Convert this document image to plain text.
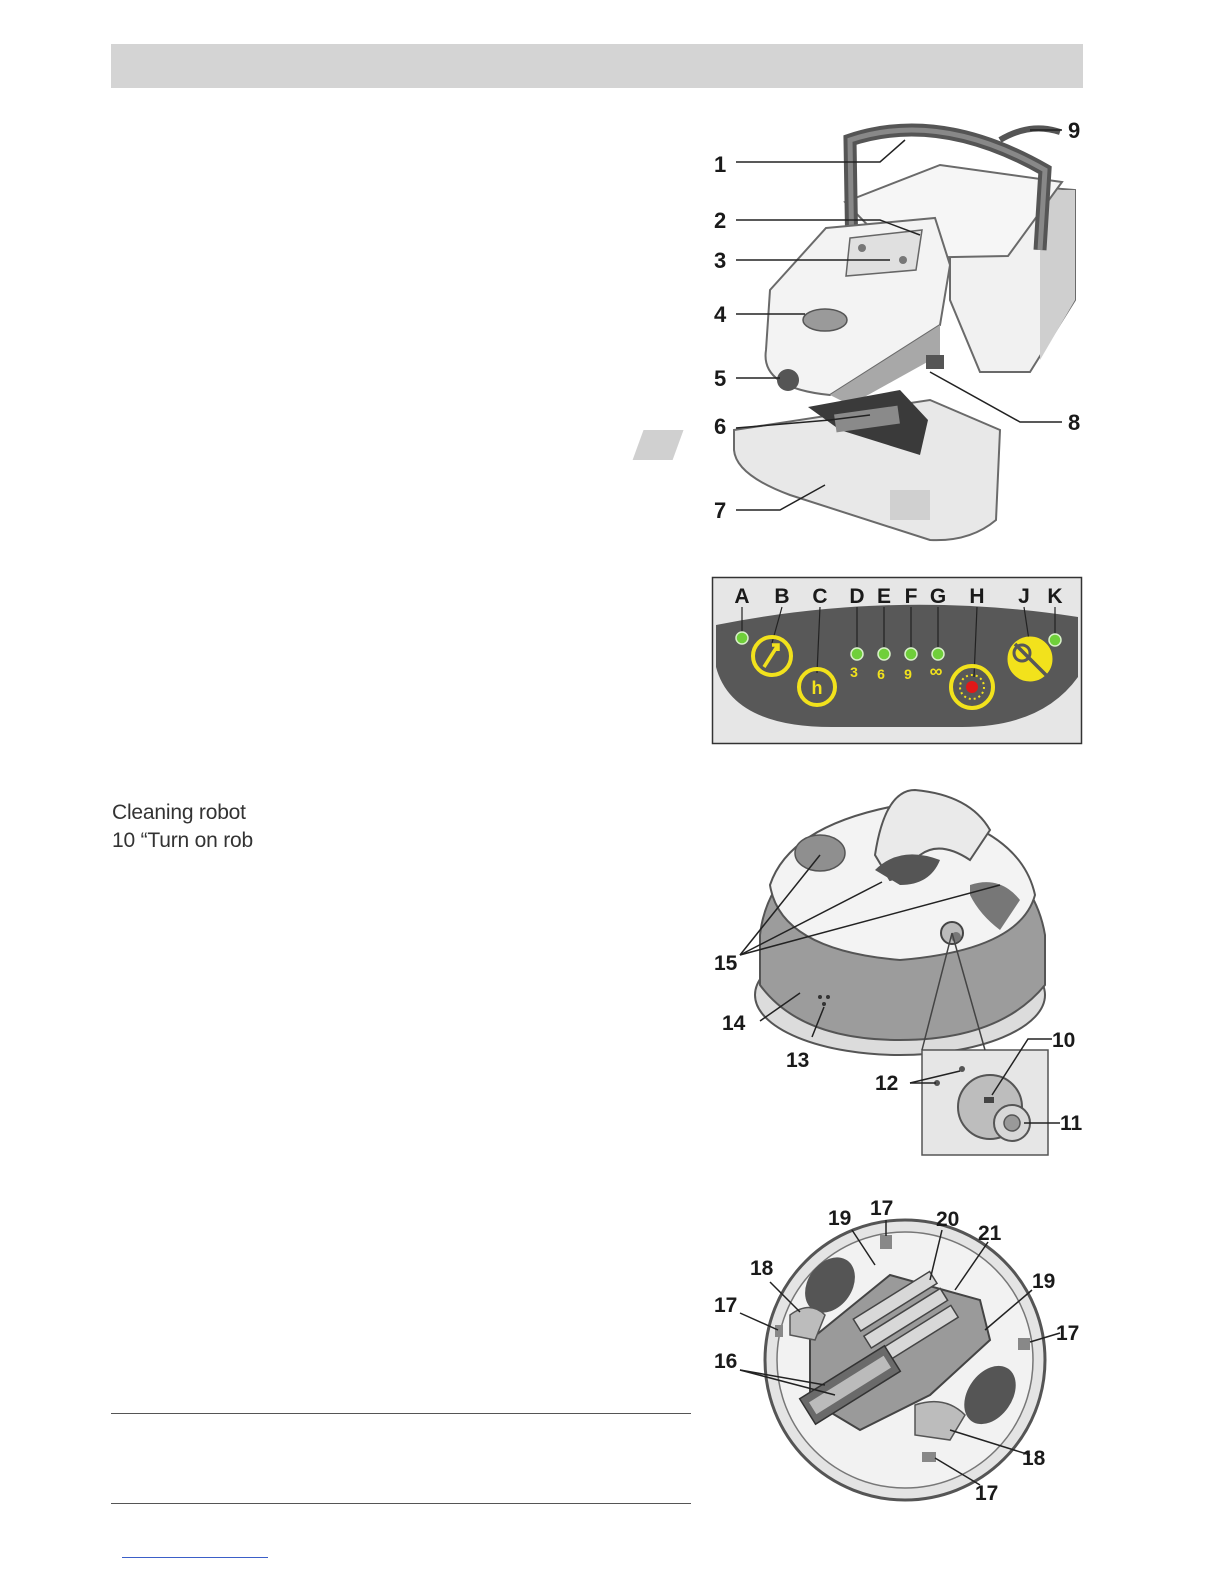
Cleaning robot
10 “Turn on rob
1
2
3
4
5
6
7
8
9
A B C D E F G H J K
3 6 9 ∞
h
15
14
13
12
10
11
17
19	20
21
18
17
19
17
16
18
17
